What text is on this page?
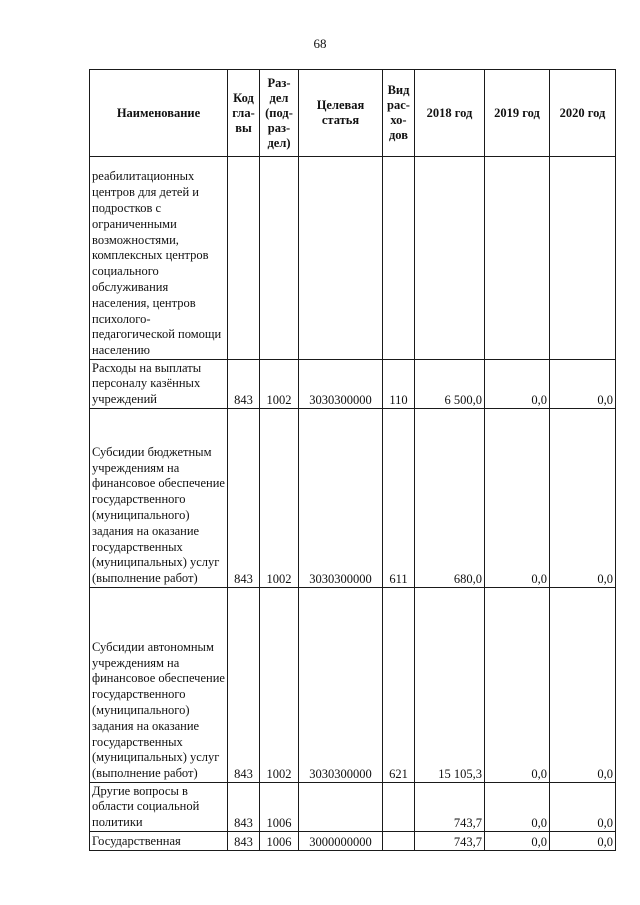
68
Наименование	Код гла-вы	Раз-дел (под-раз-дел)	Целевая статья	Вид рас-хо-дов	2018 год	2019 год	2020 год
реабилитационных центров для детей и подростков с ограниченными возможностями, комплексных центров социального обслуживания населения, центров психолого-педагогической помощи населению							
Расходы на выплаты персоналу казённых учреждений	843	1002	3030300000	110	6 500,0	0,0	0,0
Субсидии бюджетным учреждениям на финансовое обеспечение государственного (муниципального) задания на оказание государственных (муниципальных) услуг (выполнение работ)	843	1002	3030300000	611	680,0	0,0	0,0
Субсидии автономным учреждениям на финансовое обеспечение государственного (муниципального) задания на оказание государственных (муниципальных) услуг (выполнение работ)	843	1002	3030300000	621	15 105,3	0,0	0,0
Другие вопросы в области социальной политики	843	1006			743,7	0,0	0,0
Государственная	843	1006	3000000000		743,7	0,0	0,0
